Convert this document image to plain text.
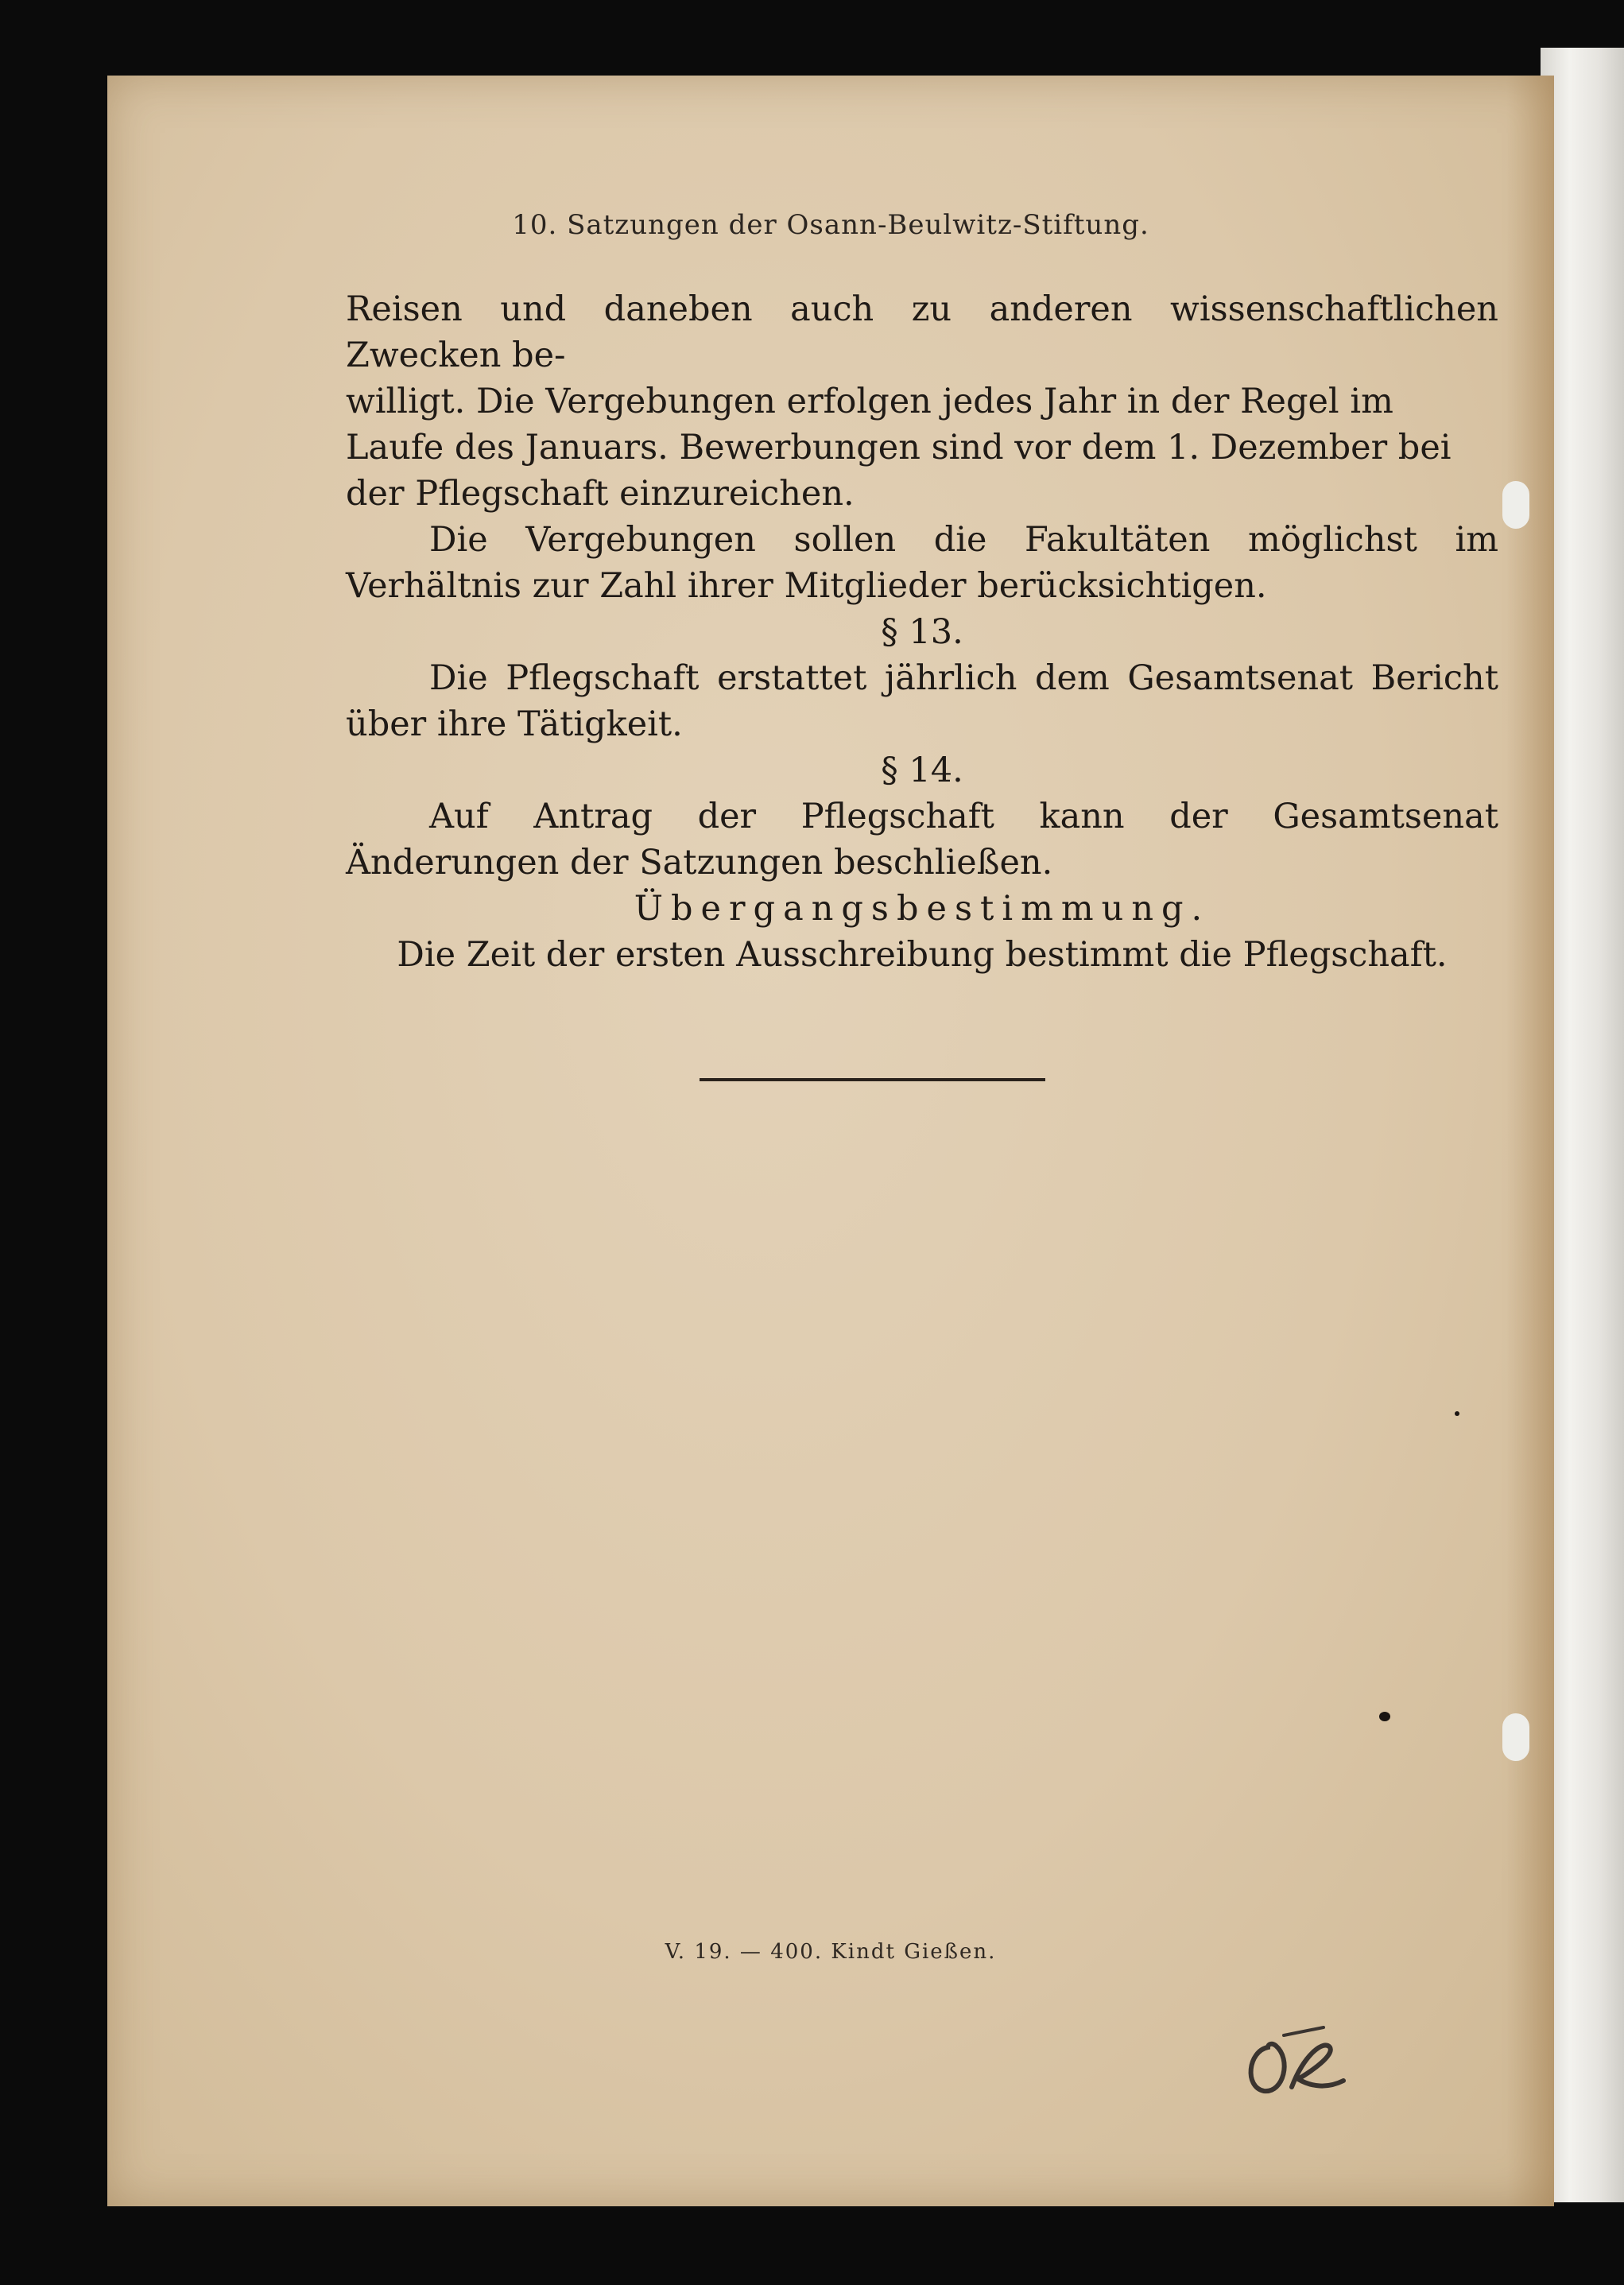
10. Satzungen der Osann-Beulwitz-Stiftung.

Reisen und daneben auch zu anderen wissenschaftlichen Zwecken be-

willigt. Die Vergebungen erfolgen jedes Jahr in der Regel im

Laufe des Januars. Bewerbungen sind vor dem 1. Dezember bei

der Pflegschaft einzureichen.

Die Vergebungen sollen die Fakultäten möglichst im Verhältnis zur Zahl ihrer Mitglieder berücksichtigen.

§ 13.

Die Pflegschaft erstattet jährlich dem Gesamtsenat Bericht über ihre Tätigkeit.

§ 14.

Auf Antrag der Pflegschaft kann der Gesamtsenat Änderungen der Satzungen beschließen.

Übergangsbestimmung.

Die Zeit der ersten Ausschreibung bestimmt die Pflegschaft.

V. 19. — 400. Kindt Gießen.
